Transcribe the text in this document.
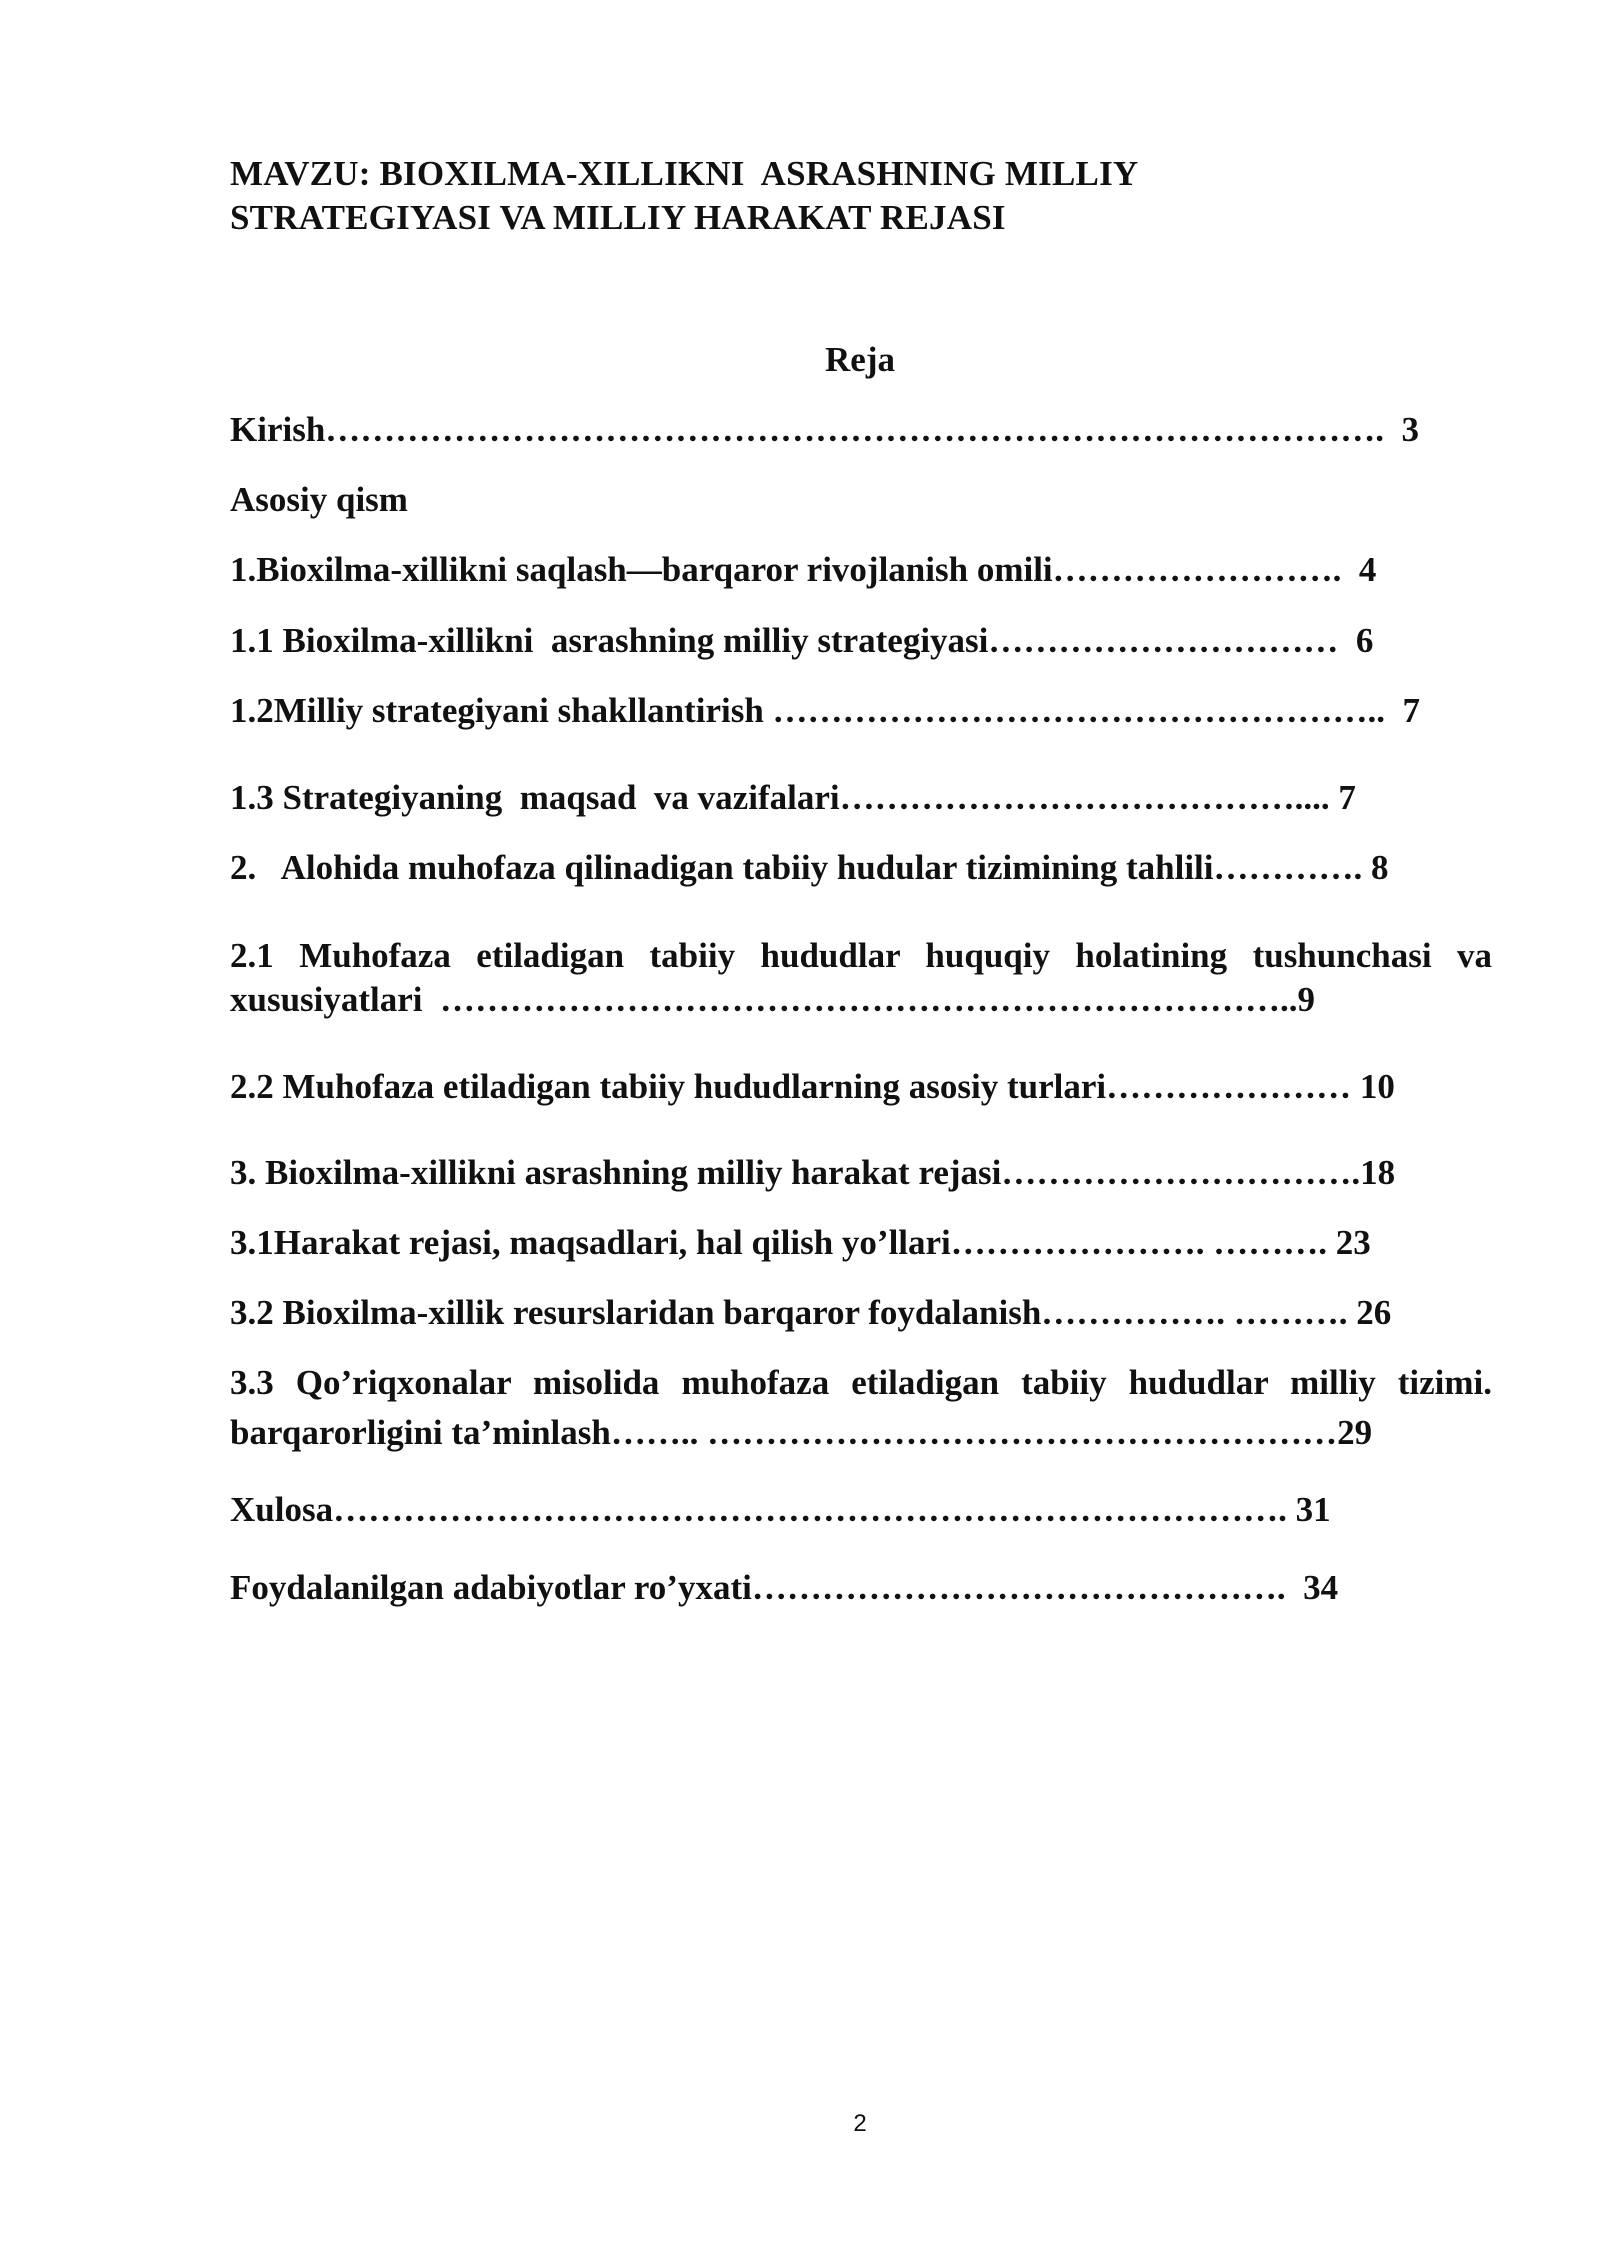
MAVZU: BIOXILMA-XILLIKNI  ASRASHNING MILLIY
STRATEGIYASI VA MILLIY HARAKAT REJASI
Reja
Kirish……………………………………………………………………………….  3
Asosiy qism
1.Bioxilma-xillikni saqlash—barqaror rivojlanish omili…………………….  4
1.1 Bioxilma-xillikni  asrashning milliy strategiyasi…………………………  6
1.2Milliy strategiyani shakllantirish ……………………………………………..  7
1.3 Strategiyaning  maqsad  va vazifalari………………………………….... 7
2.   Alohida muhofaza qilinadigan tabiiy hudular tizimining tahlili…………. 8
2.1 Muhofaza etiladigan tabiiy hududlar huquqiy holatining tushunchasi va
xususiyatlari  ………………………………………………………………..9
2.2 Muhofaza etiladigan tabiiy hududlarning asosiy turlari………………… 10
3. Bioxilma-xillikni asrashning milliy harakat rejasi………………………….18
3.1Harakat rejasi, maqsadlari, hal qilish yo’llari…………………. ………. 23
3.2 Bioxilma-xillik resurslaridan barqaror foydalanish……………. ………. 26
3.3 Qo’riqxonalar misolida muhofaza etiladigan tabiiy hududlar milliy tizimi.
barqarorligini ta’minlash…….. ………………………………………………29
Xulosa………………………………………………………………………. 31
Foydalanilgan adabiyotlar ro’yxati……………………………………….  34
2
